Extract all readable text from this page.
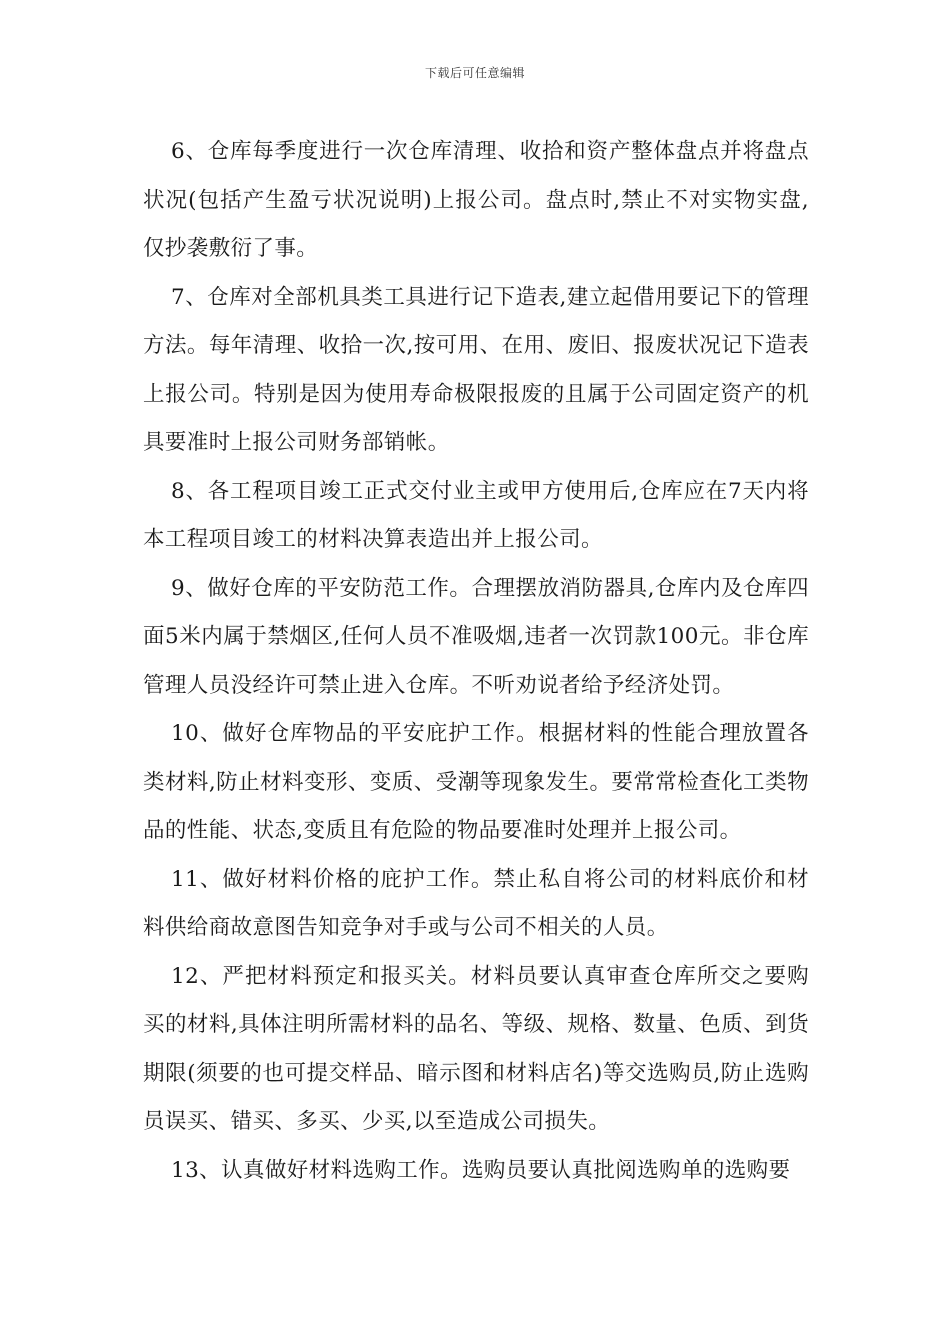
下载后可任意编辑

6、仓库每季度进行一次仓库清理、收拾和资产整体盘点并将盘点状况(包括产生盈亏状况说明)上报公司。盘点时,禁止不对实物实盘,仅抄袭敷衍了事。

7、仓库对全部机具类工具进行记下造表,建立起借用要记下的管理方法。每年清理、收拾一次,按可用、在用、废旧、报废状况记下造表上报公司。特别是因为使用寿命极限报废的且属于公司固定资产的机具要准时上报公司财务部销帐。

8、各工程项目竣工正式交付业主或甲方使用后,仓库应在7天内将本工程项目竣工的材料决算表造出并上报公司。

9、做好仓库的平安防范工作。合理摆放消防器具,仓库内及仓库四面5米内属于禁烟区,任何人员不准吸烟,违者一次罚款100元。非仓库管理人员没经许可禁止进入仓库。不听劝说者给予经济处罚。

10、做好仓库物品的平安庇护工作。根据材料的性能合理放置各类材料,防止材料变形、变质、受潮等现象发生。要常常检查化工类物品的性能、状态,变质且有危险的物品要准时处理并上报公司。

11、做好材料价格的庇护工作。禁止私自将公司的材料底价和材料供给商故意图告知竞争对手或与公司不相关的人员。

12、严把材料预定和报买关。材料员要认真审查仓库所交之要购买的材料,具体注明所需材料的品名、等级、规格、数量、色质、到货期限(须要的也可提交样品、暗示图和材料店名)等交选购员,防止选购员误买、错买、多买、少买,以至造成公司损失。

13、认真做好材料选购工作。选购员要认真批阅选购单的选购要
